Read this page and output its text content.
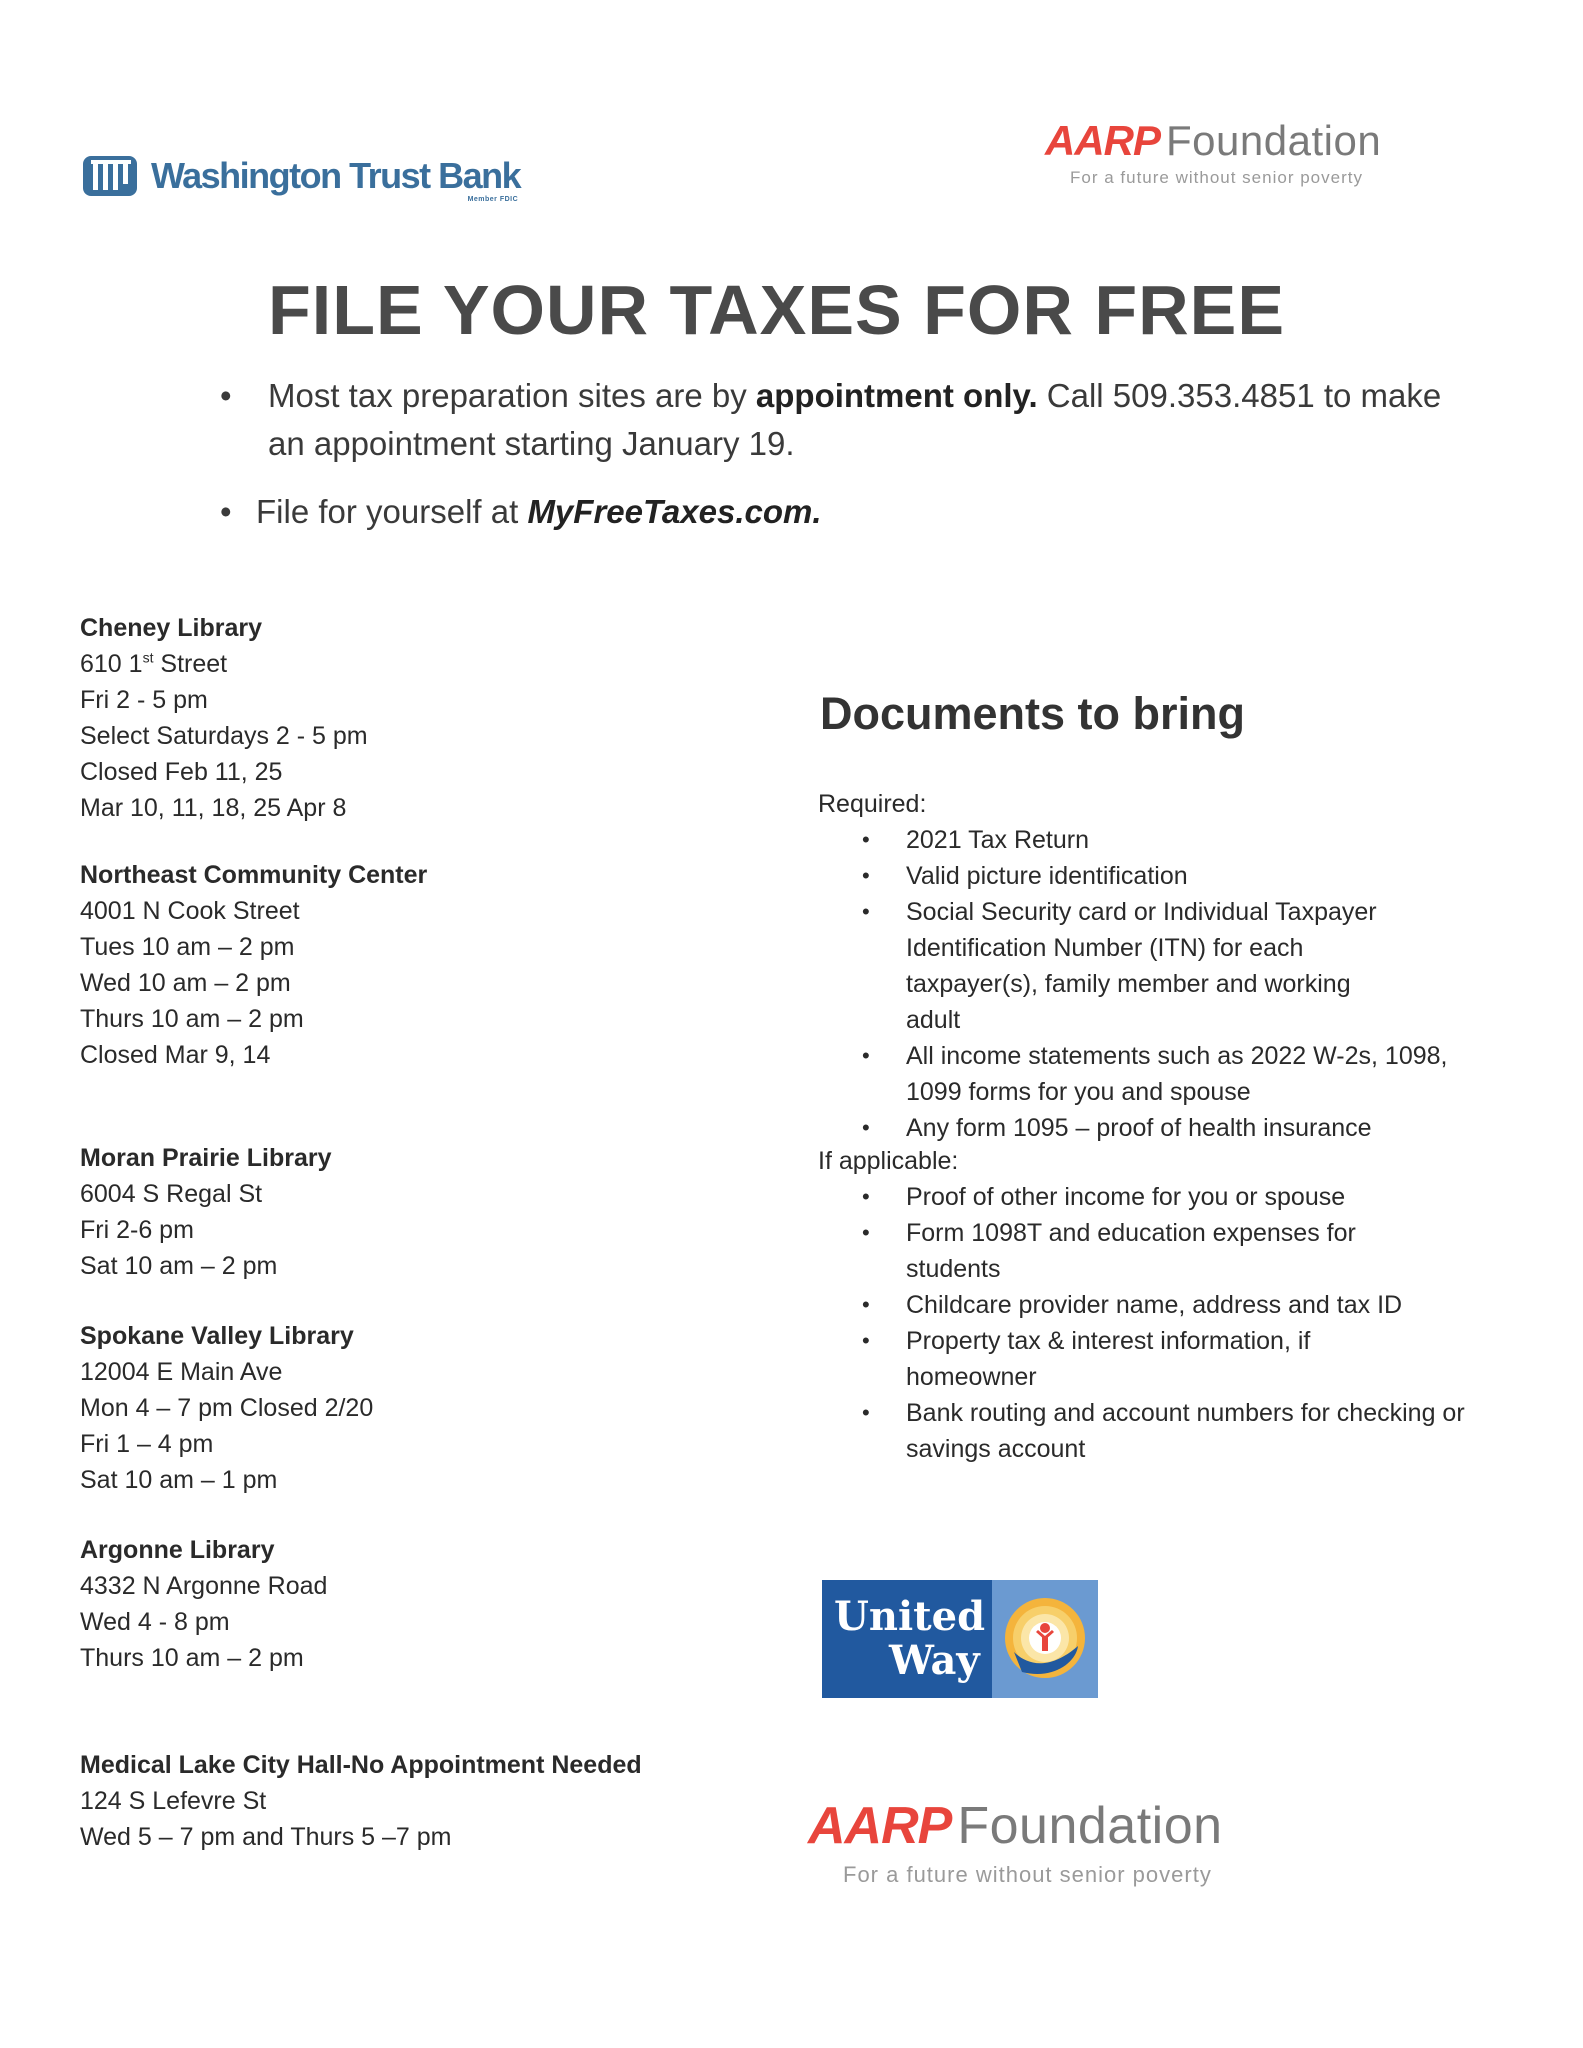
Washington Trust Bank
Member FDIC
AARP Foundation
For a future without senior poverty
FILE YOUR TAXES FOR FREE
• Most tax preparation sites are by appointment only. Call 509.353.4851 to make an appointment starting January 19.
• File for yourself at MyFreeTaxes.com.
Cheney Library
610 1st Street
Fri 2 - 5 pm
Select Saturdays 2 - 5 pm
Closed Feb 11, 25
Mar 10, 11, 18, 25 Apr 8
Northeast Community Center
4001 N Cook Street
Tues 10 am – 2 pm
Wed 10 am – 2 pm
Thurs 10 am – 2 pm
Closed Mar 9, 14
Moran Prairie Library
6004 S Regal St
Fri 2-6 pm
Sat 10 am – 2 pm
Spokane Valley Library
12004 E Main Ave
Mon 4 – 7 pm Closed 2/20
Fri 1 – 4 pm
Sat 10 am – 1 pm
Argonne Library
4332 N Argonne Road
Wed 4 - 8 pm
Thurs 10 am – 2 pm
Medical Lake City Hall-No Appointment Needed
124 S Lefevre St
Wed 5 – 7 pm and Thurs 5 –7 pm
Documents to bring
Required:
• 2021 Tax Return
• Valid picture identification
• Social Security card or Individual Taxpayer Identification Number (ITN) for each taxpayer(s), family member and working adult
• All income statements such as 2022 W-2s, 1098, 1099 forms for you and spouse
• Any form 1095 – proof of health insurance
If applicable:
• Proof of other income for you or spouse
• Form 1098T and education expenses for students
• Childcare provider name, address and tax ID
• Property tax & interest information, if homeowner
• Bank routing and account numbers for checking or savings account
United
Way
AARP Foundation
For a future without senior poverty
